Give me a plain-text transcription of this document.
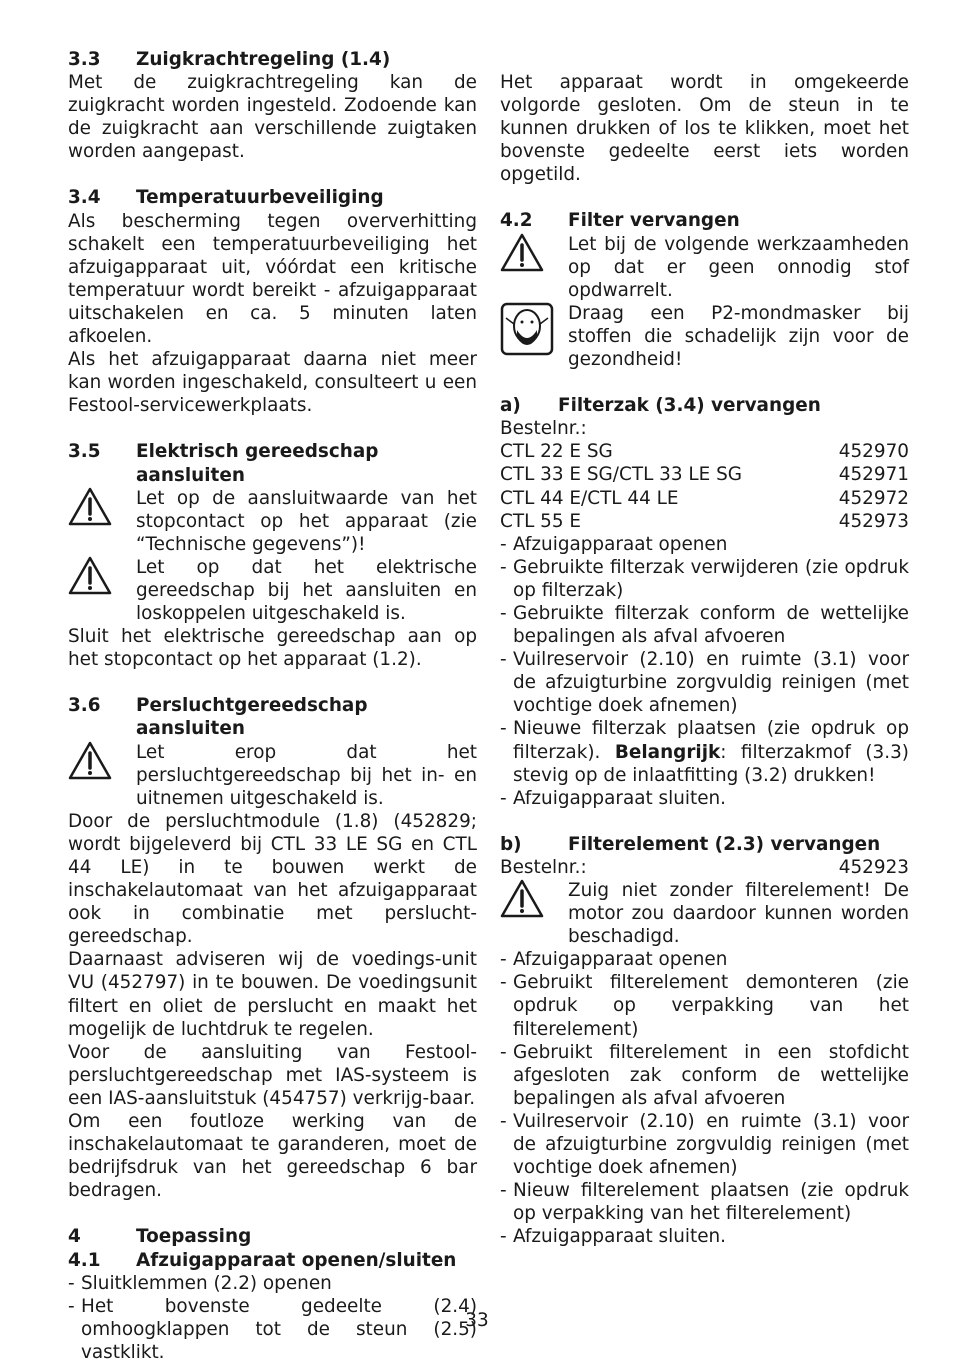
3.3	Zuigkrachtregeling (1.4)

Met de zuigkrachtregeling kan de zuigkracht worden ingesteld. Zodoende kan de zuigkracht aan verschillende zuigtaken worden aangepast.

3.4	Temperatuurbeveiliging

Als bescherming tegen oververhitting schakelt een temperatuurbeveiliging het afzuigapparaat uit, vóórdat een kritische temperatuur wordt bereikt - afzuigapparaat uitschakelen en ca. 5 minuten laten afkoelen.

Als het afzuigapparaat daarna niet meer kan worden ingeschakeld, consulteert u een Festool-servicewerkplaats.

3.5	Elektrisch gereedschap aansluiten
Let op de aansluitwaarde van het stopcontact op het apparaat (zie “Technische gegevens”)!
Let op dat het elektrische gereedschap bij het aansluiten en loskoppelen uitgeschakeld is.

Sluit het elektrische gereedschap aan op het stopcontact op het apparaat (1.2).

3.6	Persluchtgereedschap aansluiten
Let erop dat het persluchtgereedschap bij het in- en uitnemen uitgeschakeld is.

Door de persluchtmodule (1.8) (452829; wordt bijgeleverd bij CTL 33 LE SG en CTL 44 LE) in te bouwen werkt de inschakelautomaat van het afzuigapparaat ook in combinatie met perslucht-gereedschap.

Daarnaast adviseren wij de voedings-unit VU (452797) in te bouwen. De voedingsunit filtert en oliet de perslucht en maakt het mogelijk de luchtdruk te regelen.

Voor de aansluiting van Festool-persluchtgereedschap met IAS-systeem is een IAS-aansluitstuk (454757) verkrijg-baar.

Om een foutloze werking van de inschakelautomaat te garanderen, moet de bedrijfsdruk van het gereedschap 6 bar bedragen.

4	Toepassing
4.1	Afzuigapparaat openen/sluiten
- Sluitklemmen (2.2) openen
- Het bovenste gedeelte (2.4) omhoogklappen tot de steun (2.5) vastklikt.

Het apparaat wordt in omgekeerde volgorde gesloten. Om de steun in te kunnen drukken of los te klikken, moet het bovenste gedeelte eerst iets worden opgetild.

4.2	Filter vervangen
Let bij de volgende werkzaamheden op dat er geen onnodig stof opdwarrelt.
Draag een P2-mondmasker bij stoffen die schadelijk zijn voor de gezondheid!
a)	Filterzak (3.4) vervangen
Bestelnr.:
CTL 22 E SG	452970
CTL 33 E SG/CTL 33 LE SG	452971
CTL 44 E/CTL 44 LE	452972
CTL 55 E	452973
- Afzuigapparaat openen
- Gebruikte filterzak verwijderen (zie opdruk op filterzak)
- Gebruikte filterzak conform de wettelijke bepalingen als afval afvoeren
- Vuilreservoir (2.10) en ruimte (3.1) voor de afzuigturbine zorgvuldig reinigen (met vochtige doek afnemen)
- Nieuwe filterzak plaatsen (zie opdruk op filterzak). Belangrijk: filterzakmof (3.3) stevig op de inlaatfitting (3.2) drukken!
- Afzuigapparaat sluiten.
b)	Filterelement (2.3) vervangen
Bestelnr.:	452923
Zuig niet zonder filterelement! De motor zou daardoor kunnen worden beschadigd.
- Afzuigapparaat openen
- Gebruikt filterelement demonteren (zie opdruk op verpakking van het filterelement)
- Gebruikt filterelement in een stofdicht afgesloten zak conform de wettelijke bepalingen als afval afvoeren
- Vuilreservoir (2.10) en ruimte (3.1) voor de afzuigturbine zorgvuldig reinigen (met vochtige doek afnemen)
- Nieuw filterelement plaatsen (zie opdruk op verpakking van het filterelement)
- Afzuigapparaat sluiten.
33
